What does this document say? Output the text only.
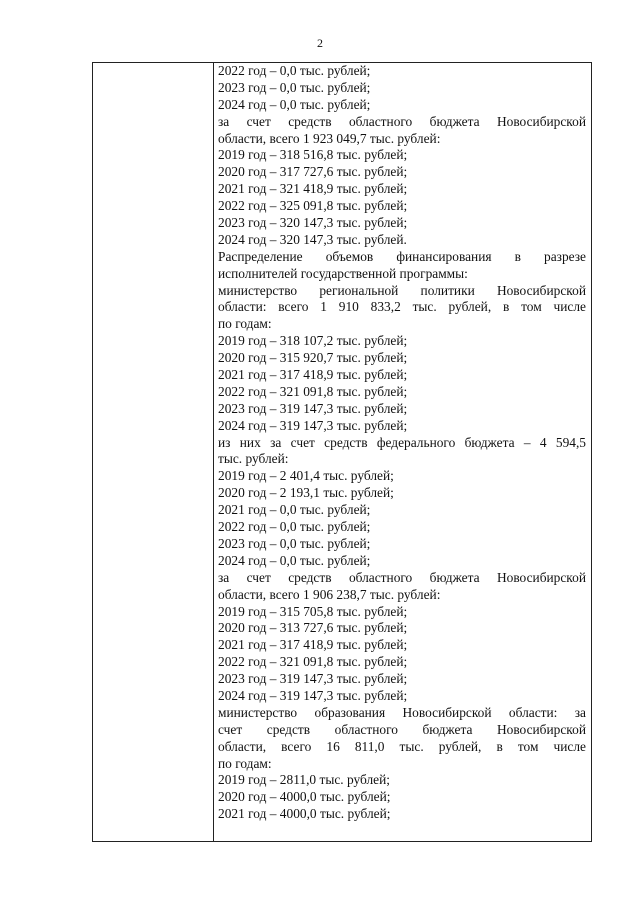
2
2022 год – 0,0 тыс. рублей;
2023 год – 0,0 тыс. рублей;
2024 год – 0,0 тыс. рублей;
за счет средств областного бюджета Новосибирской
области, всего 1 923 049,7 тыс. рублей:
2019 год – 318 516,8 тыс. рублей;
2020 год – 317 727,6 тыс. рублей;
2021 год – 321 418,9 тыс. рублей;
2022 год – 325 091,8 тыс. рублей;
2023 год – 320 147,3 тыс. рублей;
2024 год – 320 147,3 тыс. рублей.
Распределение объемов финансирования в разрезе
исполнителей государственной программы:
министерство региональной политики Новосибирской
области: всего 1 910 833,2 тыс. рублей, в том числе
по годам:
2019 год – 318 107,2 тыс. рублей;
2020 год – 315 920,7 тыс. рублей;
2021 год – 317 418,9 тыс. рублей;
2022 год – 321 091,8 тыс. рублей;
2023 год – 319 147,3 тыс. рублей;
2024 год – 319 147,3 тыс. рублей;
из них за счет средств федерального бюджета – 4 594,5
тыс. рублей:
2019 год – 2 401,4 тыс. рублей;
2020 год – 2 193,1 тыс. рублей;
2021 год – 0,0 тыс. рублей;
2022 год – 0,0 тыс. рублей;
2023 год – 0,0 тыс. рублей;
2024 год – 0,0 тыс. рублей;
за счет средств областного бюджета Новосибирской
области, всего 1 906 238,7 тыс. рублей:
2019 год – 315 705,8 тыс. рублей;
2020 год – 313 727,6 тыс. рублей;
2021 год – 317 418,9 тыс. рублей;
2022 год – 321 091,8 тыс. рублей;
2023 год – 319 147,3 тыс. рублей;
2024 год – 319 147,3 тыс. рублей;
министерство образования Новосибирской области: за
счет средств областного бюджета Новосибирской
области, всего 16 811,0 тыс. рублей, в том числе
по годам:
2019 год – 2811,0 тыс. рублей;
2020 год – 4000,0 тыс. рублей;
2021 год – 4000,0 тыс. рублей;
